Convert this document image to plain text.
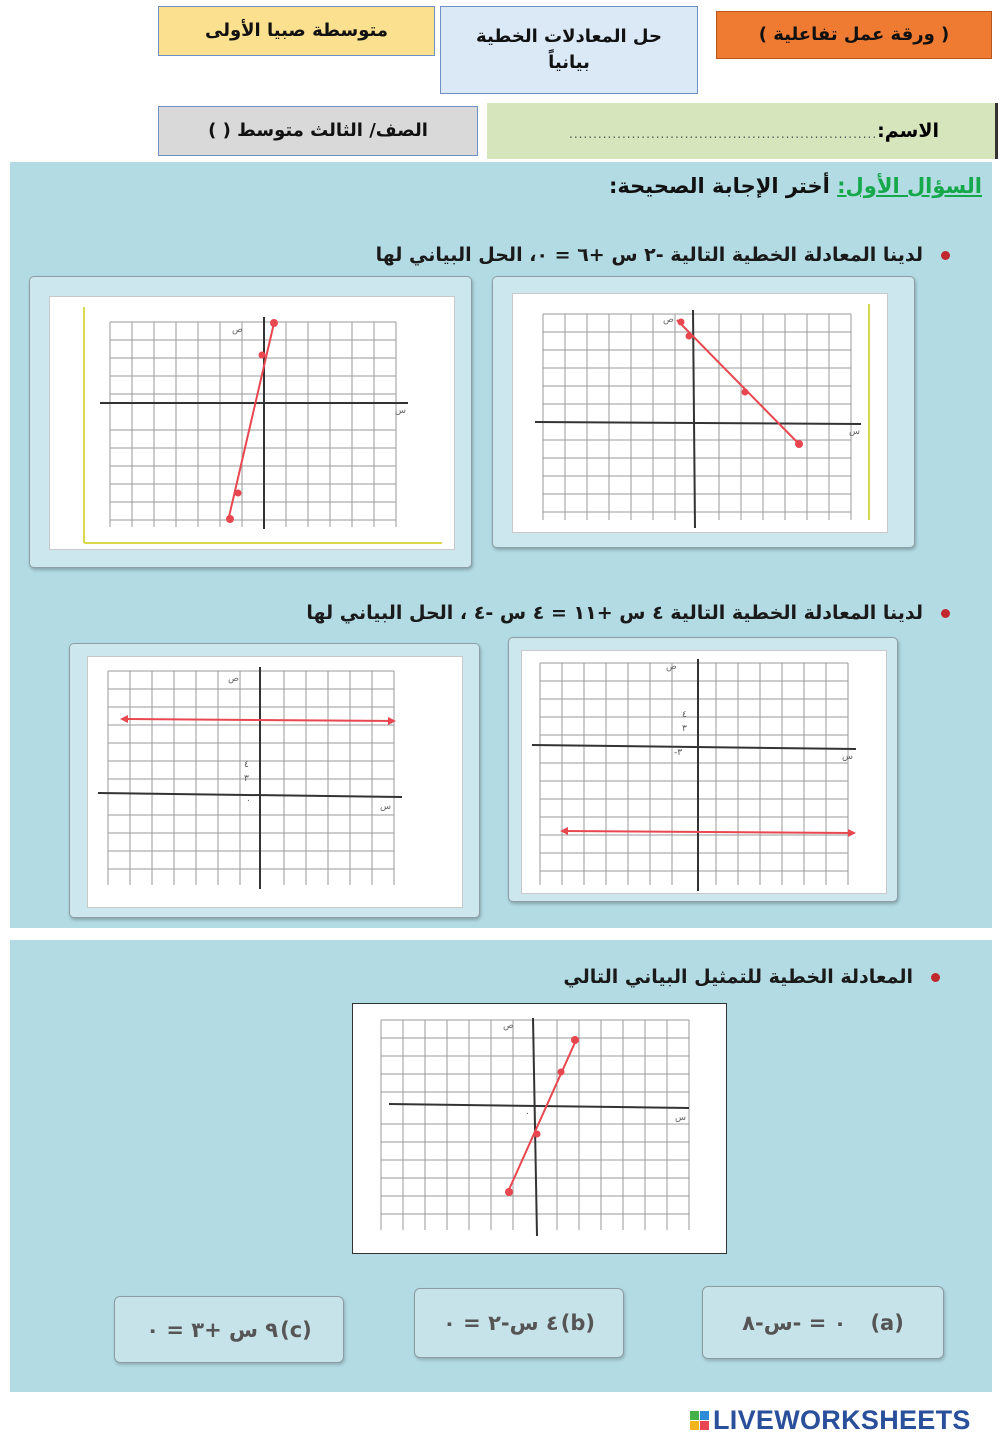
متوسطة صبيا الأولى	حل المعادلات الخطية
بيانياً
( ورقة عمل تفاعلية )
الصف/ الثالث متوسط ( )	الاسم:
................................................................
السؤال الأول: أختر الإجابة الصحيحة:
لدينا المعادلة الخطية التالية -٢ س +٦ = ٠، الحل البياني لها
س
ص
س
ص
لدينا المعادلة الخطية التالية ٤ س +١١ = ٤ س -٤ ، الحل البياني لها
س
ص
٤
٣
٠
س
ص
٤
٣
-٣
المعادلة الخطية للتمثيل البياني التالي
س
ص
٠
٩ س +٣ = ٠ (c)	٤ س-٢ = ٠ (b)	٠ = -س-٨ (a)
LIVEWORKSHEETS
